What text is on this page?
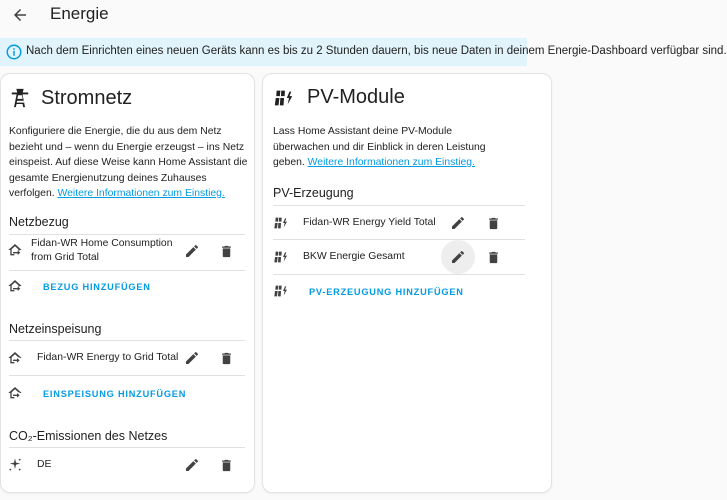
Energie
Nach dem Einrichten eines neuen Geräts kann es bis zu 2 Stunden dauern, bis neue Daten in deinem Energie-Dashboard verfügbar sind.
Stromnetz
Konfiguriere die Energie, die du aus dem Netz bezieht und – wenn du Energie erzeugst – ins Netz einspeist. Auf diese Weise kann Home Assistant die gesamte Energienutzung deines Zuhauses verfolgen. Weitere Informationen zum Einstieg.
Netzbezug
Fidan-WR Home Consumption from Grid Total
BEZUG HINZUFÜGEN
Netzeinspeisung
Fidan-WR Energy to Grid Total
EINSPEISUNG HINZUFÜGEN
CO₂-Emissionen des Netzes
DE
PV-Module
Lass Home Assistant deine PV-Module überwachen und dir Einblick in deren Leistung geben. Weitere Informationen zum Einstieg.
PV-Erzeugung
Fidan-WR Energy Yield Total
BKW Energie Gesamt
PV-ERZEUGUNG HINZUFÜGEN
